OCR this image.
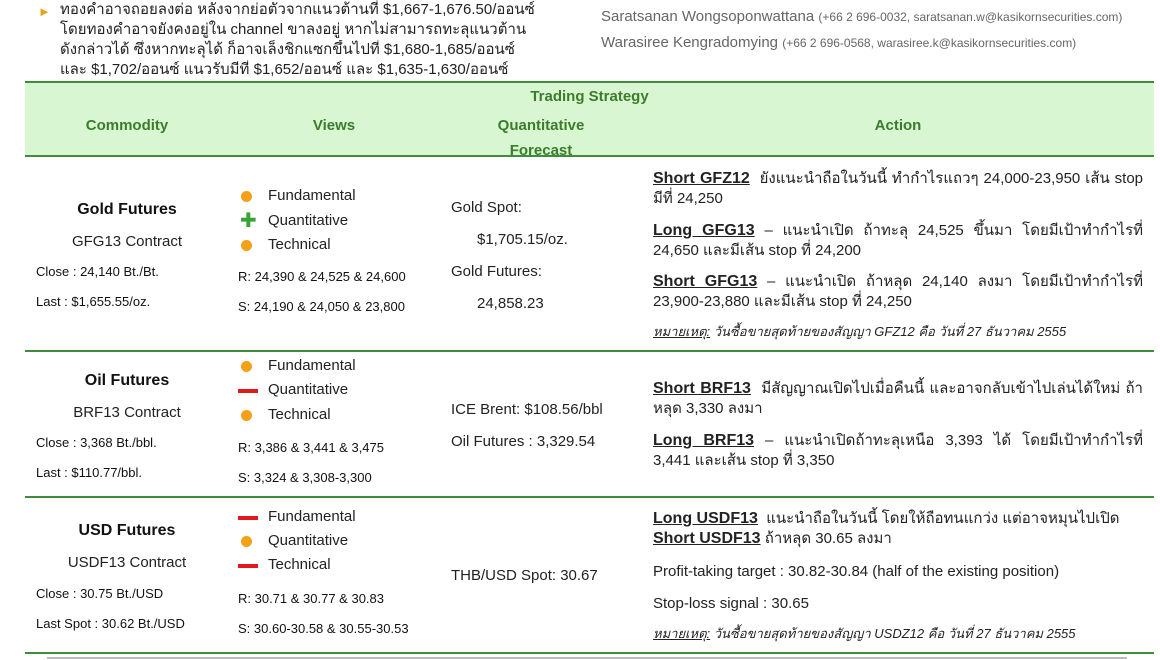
► ทองคำอาจถอยลงต่อ หลังจากย่อตัวจากแนวต้านที่ $1,667-1,676.50/ออนซ์
โดยทองคำอาจยังคงอยู่ใน channel ขาลงอยู่ หากไม่สามารถทะลุแนวต้าน
ดังกล่าวได้ ซึ่งหากทะลุได้ ก็อาจเล็งชิกแซกขึ้นไปที่ $1,680-1,685/ออนซ์
และ $1,702/ออนซ์ แนวรับมีที่ $1,652/ออนซ์ และ $1,635-1,630/ออนซ์
Saratsanan Wongsoponwattana (+66 2 696-0032, saratsanan.w@kasikornsecurities.com)
Warasiree Kengradomying (+66 2 696-0568, warasiree.k@kasikornsecurities.com)
Trading Strategy
Commodity	Views	Quantitative
Forecast
Action
Gold Futures
GFG13 Contract
Close : 24,140 Bt./Bt.
Last : $1,655.55/oz.
Fundamental
✚ Quantitative
Technical
R: 24,390 & 24,525 & 24,600
S: 24,190 & 24,050 & 23,800
Gold Spot:
$1,705.15/oz.
Gold Futures:
24,858.23
Short GFZ12 ยังแนะนำถือในวันนี้ ทำกำไรแถวๆ 24,000-23,950 เส้น stop มีที่ 24,250
Long GFG13 – แนะนำเปิด ถ้าทะลุ 24,525 ขึ้นมา โดยมีเป้าทำกำไรที่ 24,650 และมีเส้น stop ที่ 24,200
Short GFG13 – แนะนำเปิด ถ้าหลุด 24,140 ลงมา โดยมีเป้าทำกำไรที่ 23,900-23,880 และมีเส้น stop ที่ 24,250
หมายเหตุ: วันซื้อขายสุดท้ายของสัญญา GFZ12 คือ วันที่ 27 ธันวาคม 2555
Oil Futures
BRF13 Contract
Close : 3,368 Bt./bbl.
Last : $110.77/bbl.
Fundamental
Quantitative
Technical
R: 3,386 & 3,441 & 3,475
S: 3,324 & 3,308-3,300
ICE Brent: $108.56/bbl
Oil Futures : 3,329.54
Short BRF13 มีสัญญาณเปิดไปเมื่อคืนนี้ และอาจกลับเข้าไปเล่นได้ใหม่ ถ้าหลุด 3,330 ลงมา
Long BRF13 – แนะนำเปิดถ้าทะลุเหนือ 3,393 ได้ โดยมีเป้าทำกำไรที่ 3,441 และเส้น stop ที่ 3,350
USD Futures
USDF13 Contract
Close : 30.75 Bt./USD
Last Spot : 30.62 Bt./USD
Fundamental
Quantitative
Technical
R: 30.71 & 30.77 & 30.83
S: 30.60-30.58 & 30.55-30.53
THB/USD Spot: 30.67
Long USDF13 แนะนำถือในวันนี้ โดยให้ถือทนแกว่ง แต่อาจหมุนไปเปิด
Short USDF13 ถ้าหลุด 30.65 ลงมา
Profit-taking target : 30.82-30.84 (half of the existing position)
Stop-loss signal : 30.65
หมายเหตุ: วันซื้อขายสุดท้ายของสัญญา USDZ12 คือ วันที่ 27 ธันวาคม 2555
